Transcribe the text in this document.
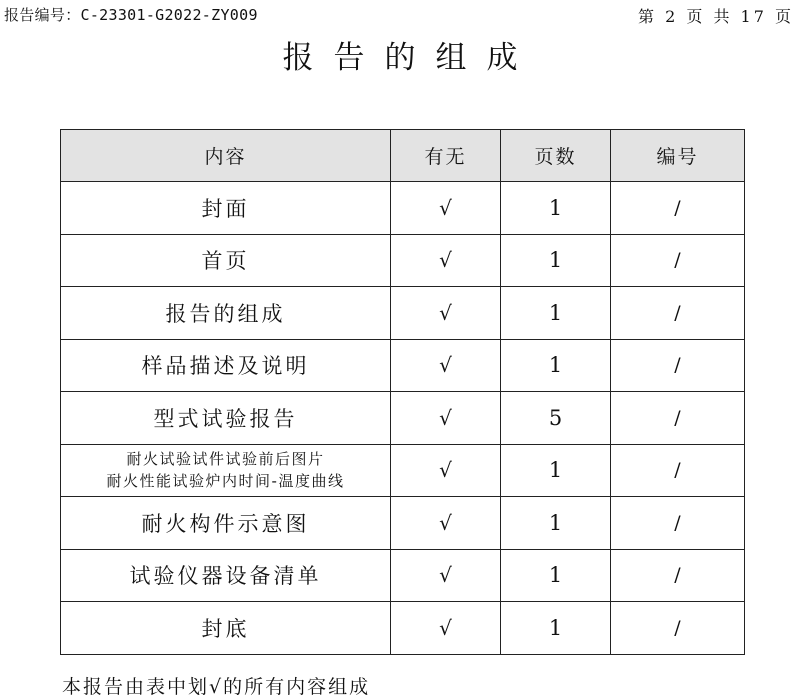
报告编号：C-23301-G2022-ZY009	第 2 页 共 17 页
报告的组成
内容	有无	页数	编号
封面	√	1	/
首页	√	1	/
报告的组成	√	1	/
样品描述及说明	√	1	/
型式试验报告	√	5	/

耐火试验试件试验前后图片
耐火性能试验炉内时间-温度曲线	√	1	/
耐火构件示意图	√	1	/
试验仪器设备清单	√	1	/
封底	√	1	/
本报告由表中划√的所有内容组成
